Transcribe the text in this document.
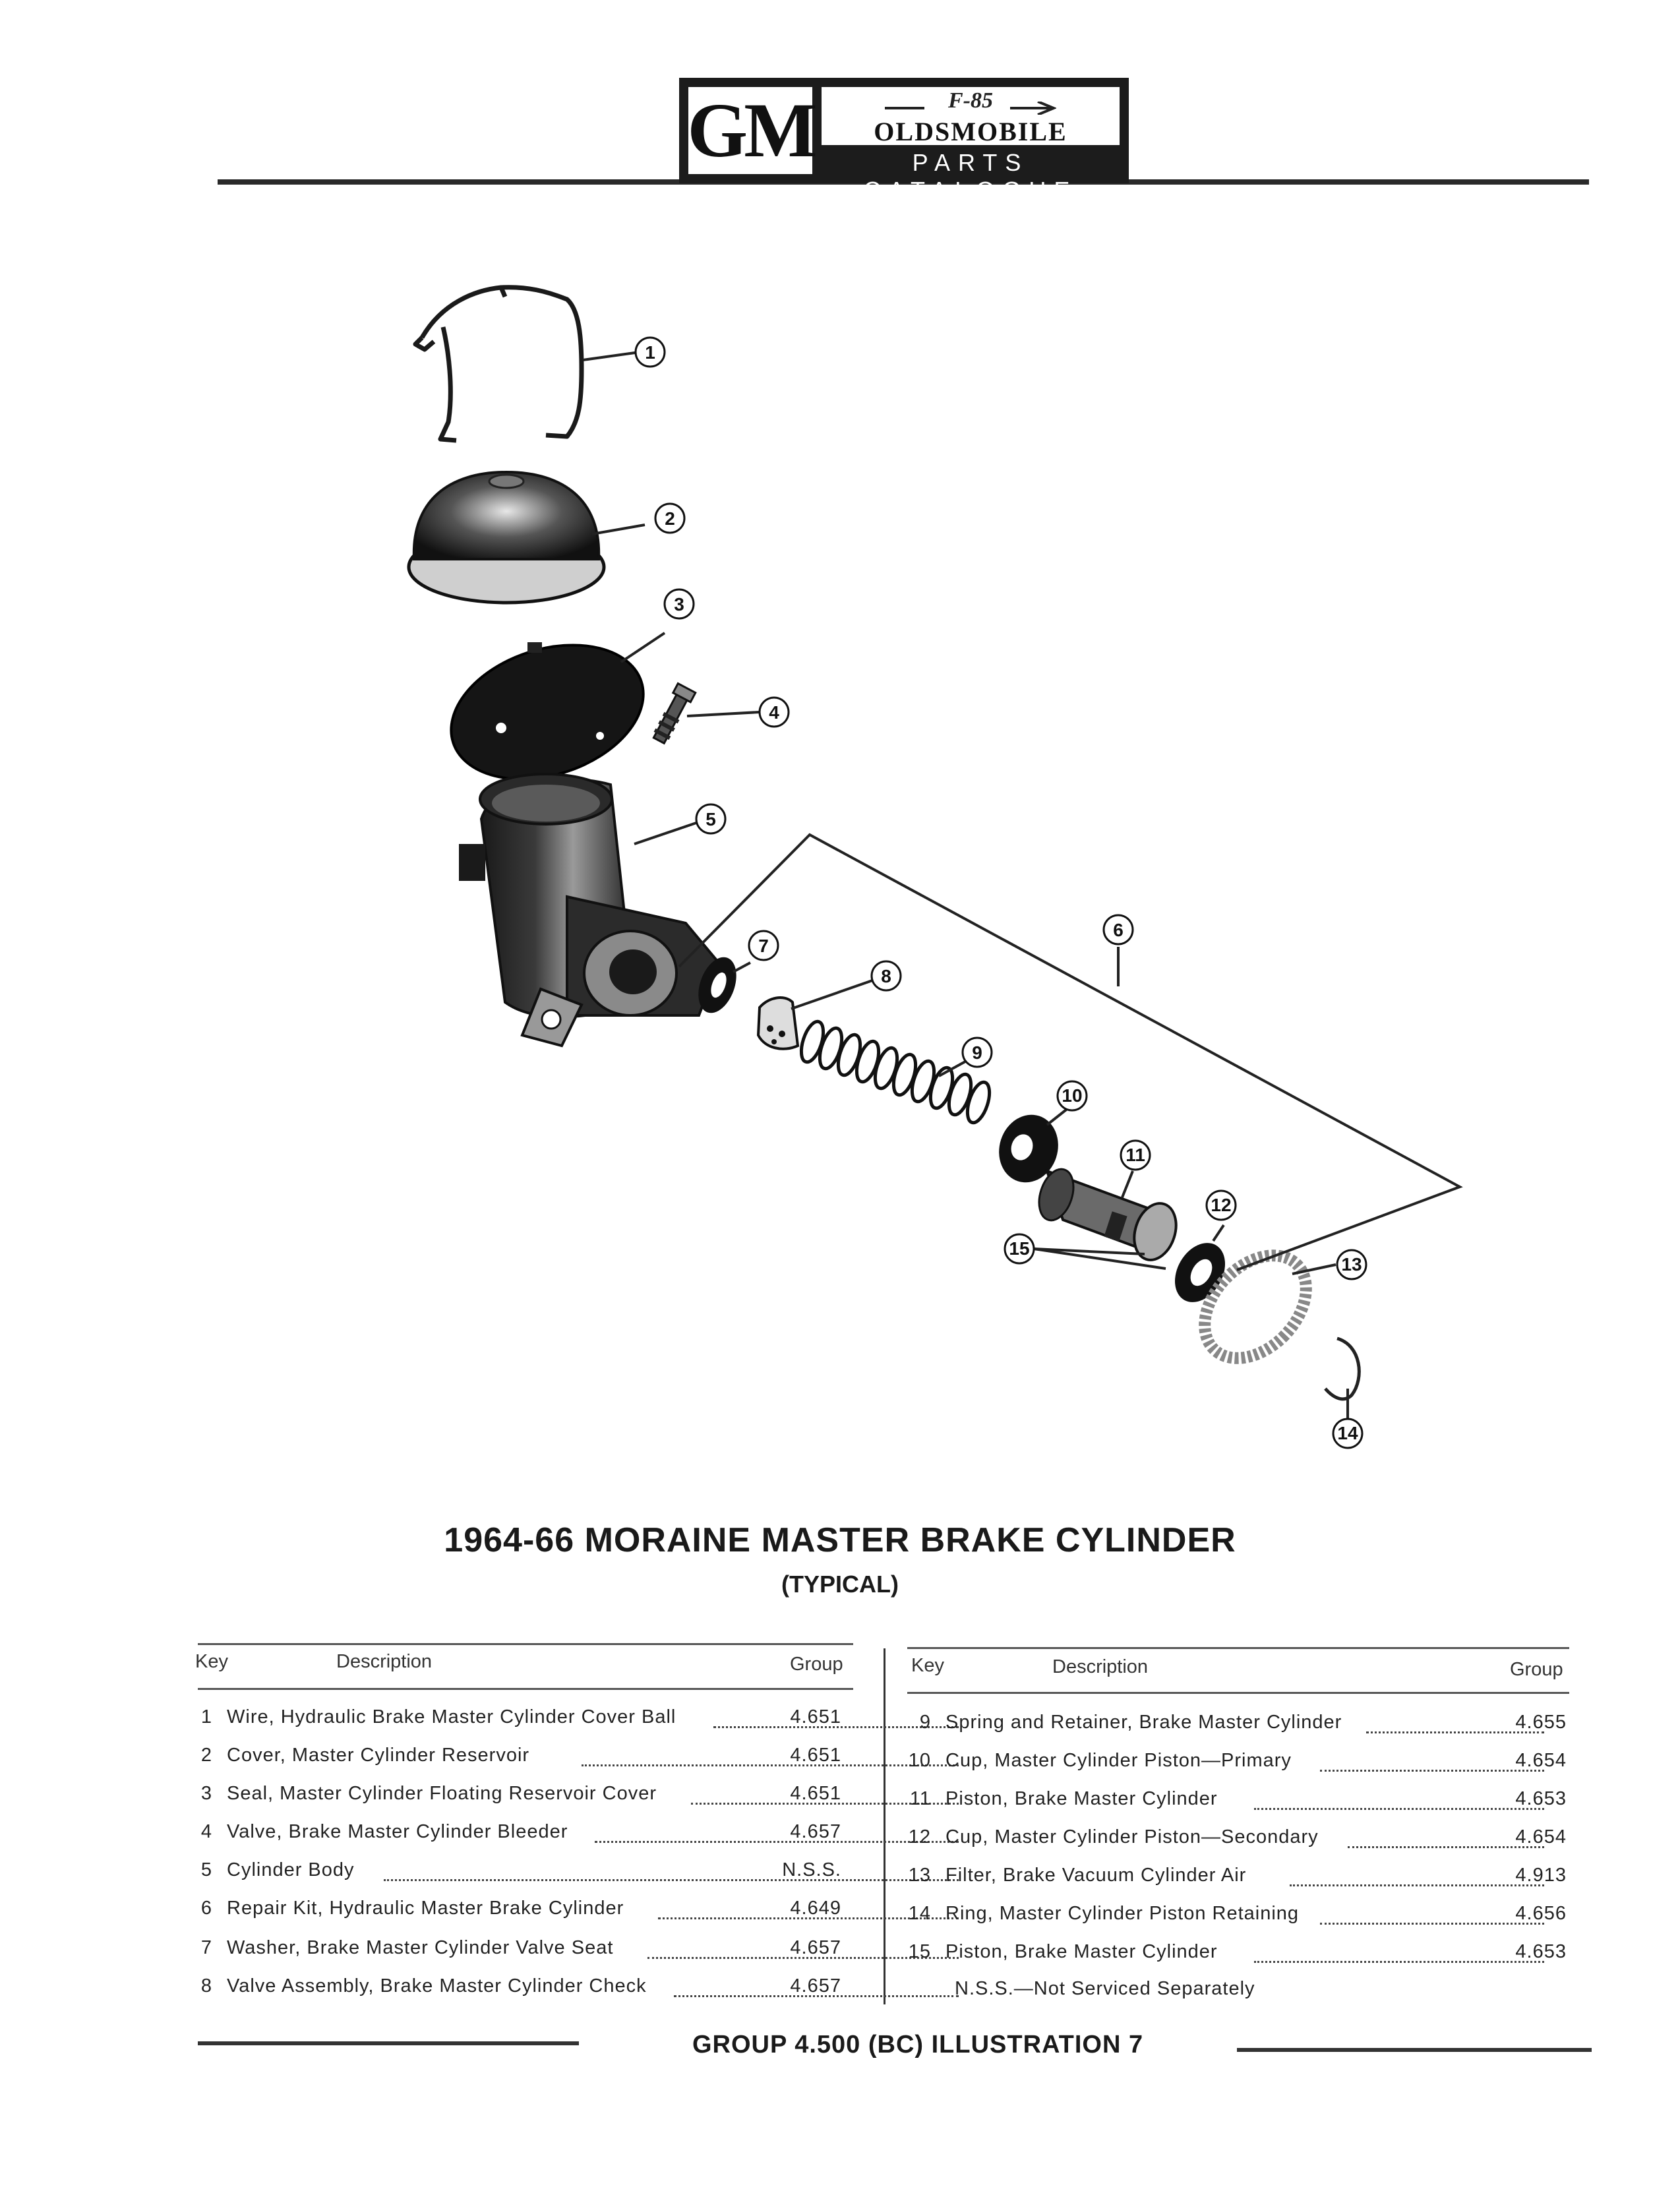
GM	F-85
OLDSMOBILE
PARTS CATALOGUE
1
2
3
4
5
6
7
8
9
10
11
12
13
14
15
1964-66 MORAINE MASTER BRAKE CYLINDER
(TYPICAL)
Key	Description	Group	Key	Description	Group
1 Wire, Hydraulic Brake Master Cylinder Cover Ball	4.651
2 Cover, Master Cylinder Reservoir	4.651
3 Seal, Master Cylinder Floating Reservoir Cover	4.651
4 Valve, Brake Master Cylinder Bleeder	4.657
5 Cylinder Body	N.S.S.
6 Repair Kit, Hydraulic Master Brake Cylinder	4.649
7 Washer, Brake Master Cylinder Valve Seat	4.657
8 Valve Assembly, Brake Master Cylinder Check	4.657
9 Spring and Retainer, Brake Master Cylinder	4.655
10 Cup, Master Cylinder Piston—Primary	4.654
11 Piston, Brake Master Cylinder	4.653
12 Cup, Master Cylinder Piston—Secondary	4.654
13 Filter, Brake Vacuum Cylinder Air	4.913
14 Ring, Master Cylinder Piston Retaining	4.656
15 Piston, Brake Master Cylinder	4.653
N.S.S.—Not Serviced Separately
GROUP 4.500 (BC) ILLUSTRATION 7
